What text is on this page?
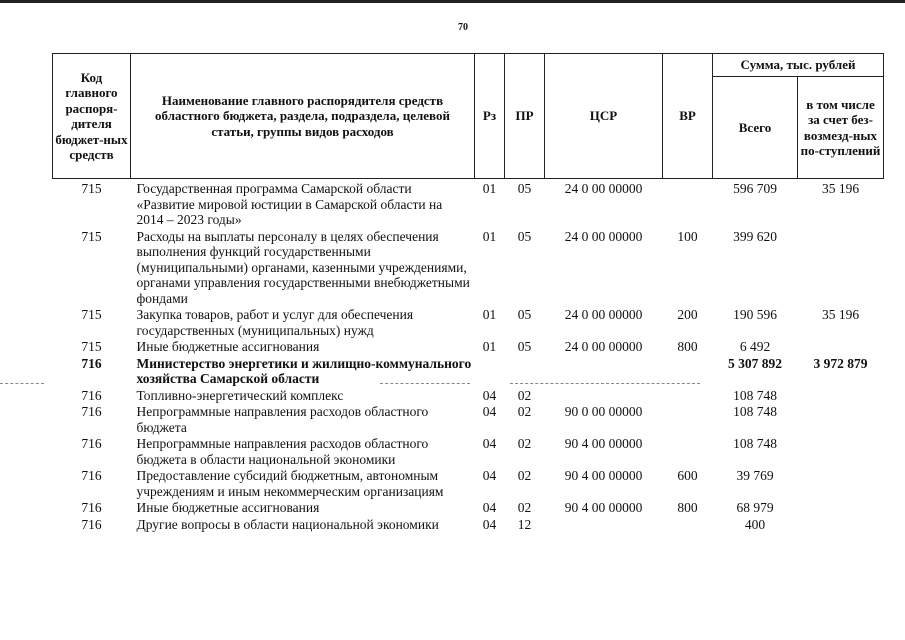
70
Код главного распоря-дителя бюджет-ных средств	Наименование главного распорядителя средств областного бюджета, раздела, подраздела, целевой статьи, группы видов расходов	Рз	ПР	ЦСР	ВР	Сумма, тыс. рублей	
						Всего	в том числе за счет без-возмезд-ных по-ступлений
715	Государственная программа Самарской области «Развитие мировой юстиции в Самарской области на 2014 – 2023 годы»	01	05	24 0 00 00000		596 709	35 196
715	Расходы на выплаты персоналу в целях обеспечения выполнения функций государственными (муниципальными) органами, казенными учреждениями, органами управления государственными внебюджетными фондами	01	05	24 0 00 00000	100	399 620	
715	Закупка товаров, работ и услуг для обеспечения государственных (муниципальных) нужд	01	05	24 0 00 00000	200	190 596	35 196
715	Иные бюджетные ассигнования	01	05	24 0 00 00000	800	6 492	
716	Министерство энергетики и жилищно-коммунального хозяйства Самарской области					5 307 892	3 972 879
716	Топливно-энергетический комплекс	04	02			108 748	
716	Непрограммные направления расходов областного бюджета	04	02	90 0 00 00000		108 748	
716	Непрограммные направления расходов областного бюджета в области национальной экономики	04	02	90 4 00 00000		108 748	
716	Предоставление субсидий бюджетным, автономным учреждениям и иным некоммерческим организациям	04	02	90 4 00 00000	600	39 769	
716	Иные бюджетные ассигнования	04	02	90 4 00 00000	800	68 979	
716	Другие вопросы в области национальной экономики	04	12			400	
